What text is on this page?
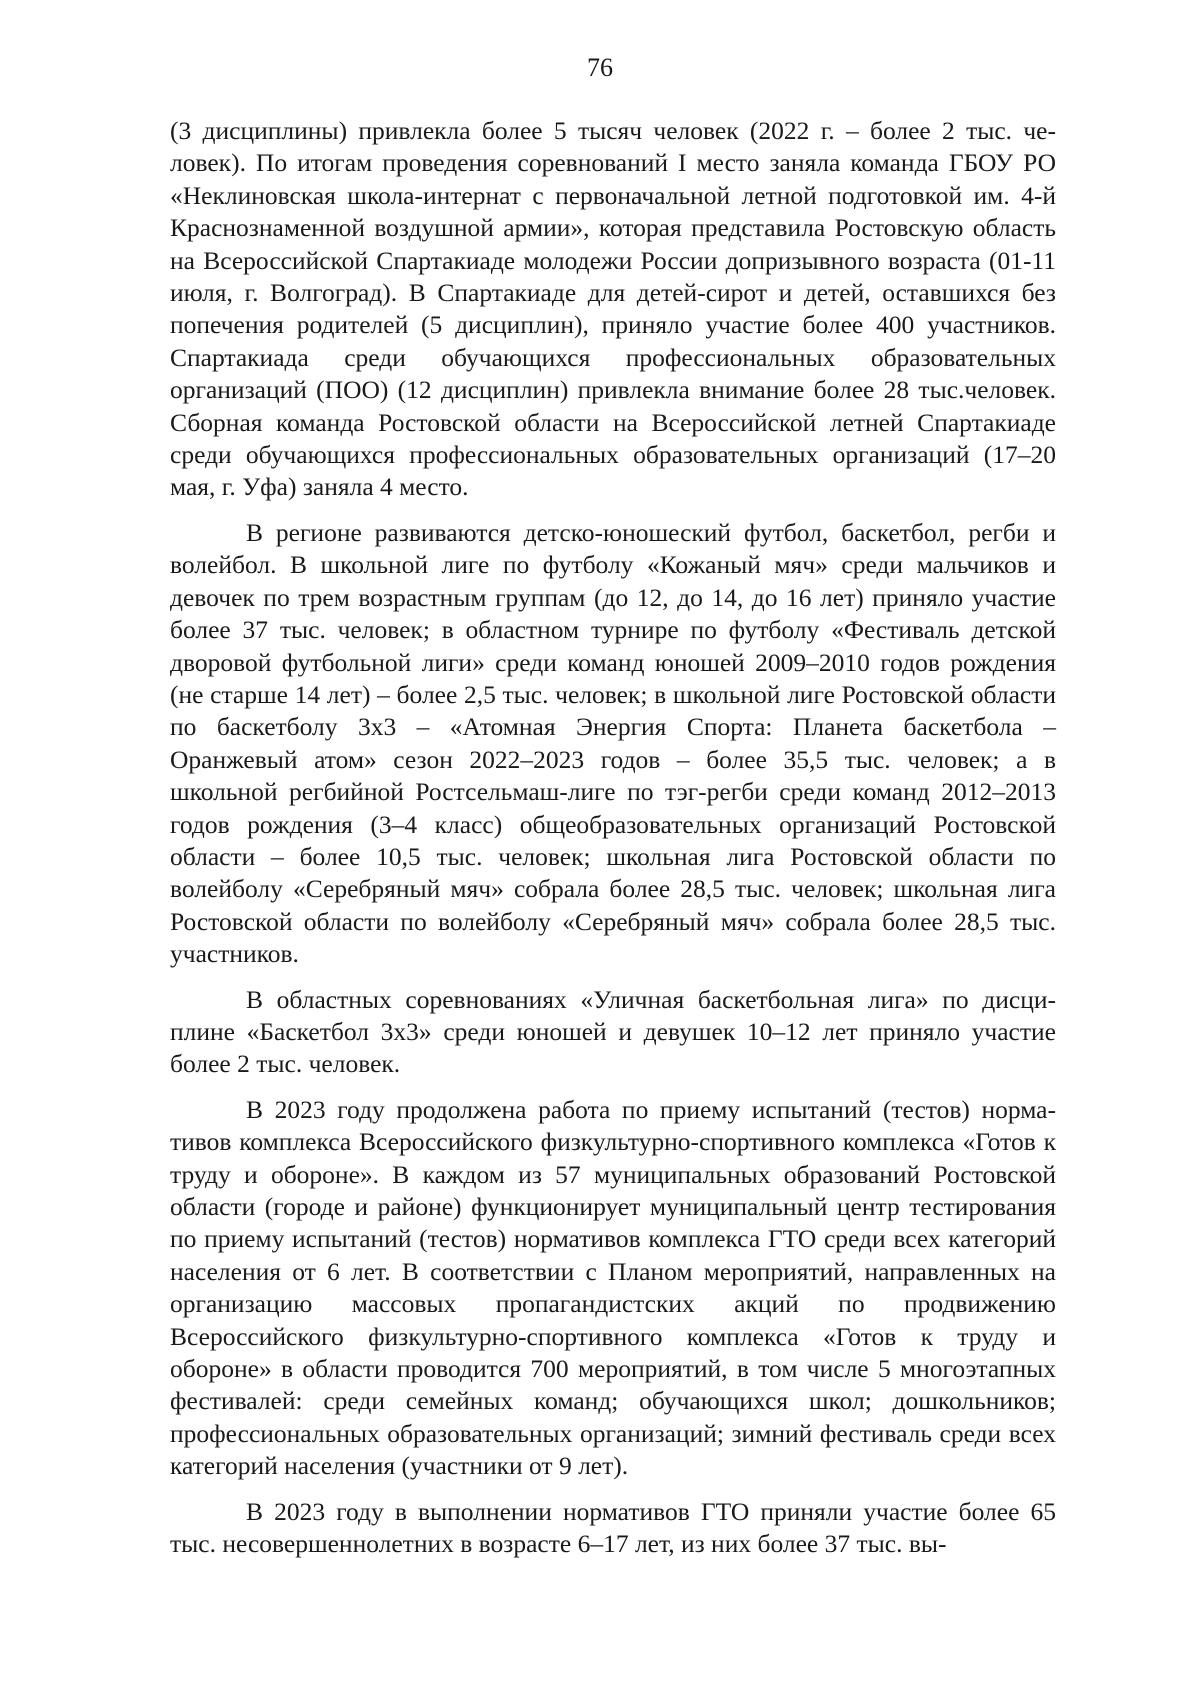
76

(3 дисциплины) привлекла более 5 тысяч человек (2022 г. – более 2 тыс. человек). По итогам проведения соревнований I место заняла команда ГБОУ РО «Неклиновская школа-интернат с первоначальной летной подготовкой им. 4-й Краснознаменной воздушной армии», которая представила Ростовскую область на Всероссийской Спартакиаде молодежи России допризывного возраста (01-11 июля, г. Волгоград). В Спартакиаде для детей-сирот и детей, оставшихся без попечения родителей (5 дисциплин), приняло участие более 400 участников. Спартакиада среди обучающихся профессиональных образовательных организаций (ПОО) (12 дисциплин) привлекла внимание более 28 тыс.человек. Сборная команда Ростовской области на Всероссийской летней Спартакиаде среди обучающихся профессиональных образовательных организаций (17–20 мая, г. Уфа) заняла 4 место.

В регионе развиваются детско-юношеский футбол, баскетбол, регби и волейбол. В школьной лиге по футболу «Кожаный мяч» среди мальчиков и девочек по трем возрастным группам (до 12, до 14, до 16 лет) приняло участие более 37 тыс. человек; в областном турнире по футболу «Фестиваль детской дворовой футбольной лиги» среди команд юношей 2009–2010 годов рождения (не старше 14 лет) – более 2,5 тыс. человек; в школьной лиге Ростовской области по баскетболу 3х3 – «Атомная Энергия Спорта: Планета баскетбола – Оранжевый атом» сезон 2022–2023 годов – более 35,5 тыс. человек; а в школьной регбийной Ростсельмаш-лиге по тэг-регби среди команд 2012–2013 годов рождения (3–4 класс) общеобразовательных организаций Ростовской области – более 10,5 тыс. человек; школьная лига Ростовской области по волейболу «Серебряный мяч» собрала более 28,5 тыс. человек; школьная лига Ростовской области по волейболу «Серебряный мяч» собрала более 28,5 тыс. участников.

В областных соревнованиях «Уличная баскетбольная лига» по дисциплине «Баскетбол 3х3» среди юношей и девушек 10–12 лет приняло участие более 2 тыс. человек.

В 2023 году продолжена работа по приему испытаний (тестов) нормативов комплекса Всероссийского физкультурно-спортивного комплекса «Готов к труду и обороне». В каждом из 57 муниципальных образований Ростовской области (городе и районе) функционирует муниципальный центр тестирования по приему испытаний (тестов) нормативов комплекса ГТО среди всех категорий населения от 6 лет. В соответствии с Планом мероприятий, направленных на организацию массовых пропагандистских акций по продвижению Всероссийского физкультурно-спортивного комплекса «Готов к труду и обороне» в области проводится 700 мероприятий, в том числе 5 многоэтапных фестивалей: среди семейных команд; обучающихся школ; дошкольников; профессиональных образовательных организаций; зимний фестиваль среди всех категорий населения (участники от 9 лет).

В 2023 году в выполнении нормативов ГТО приняли участие более 65 тыс. несовершеннолетних в возрасте 6–17 лет, из них более 37 тыс. вы-
